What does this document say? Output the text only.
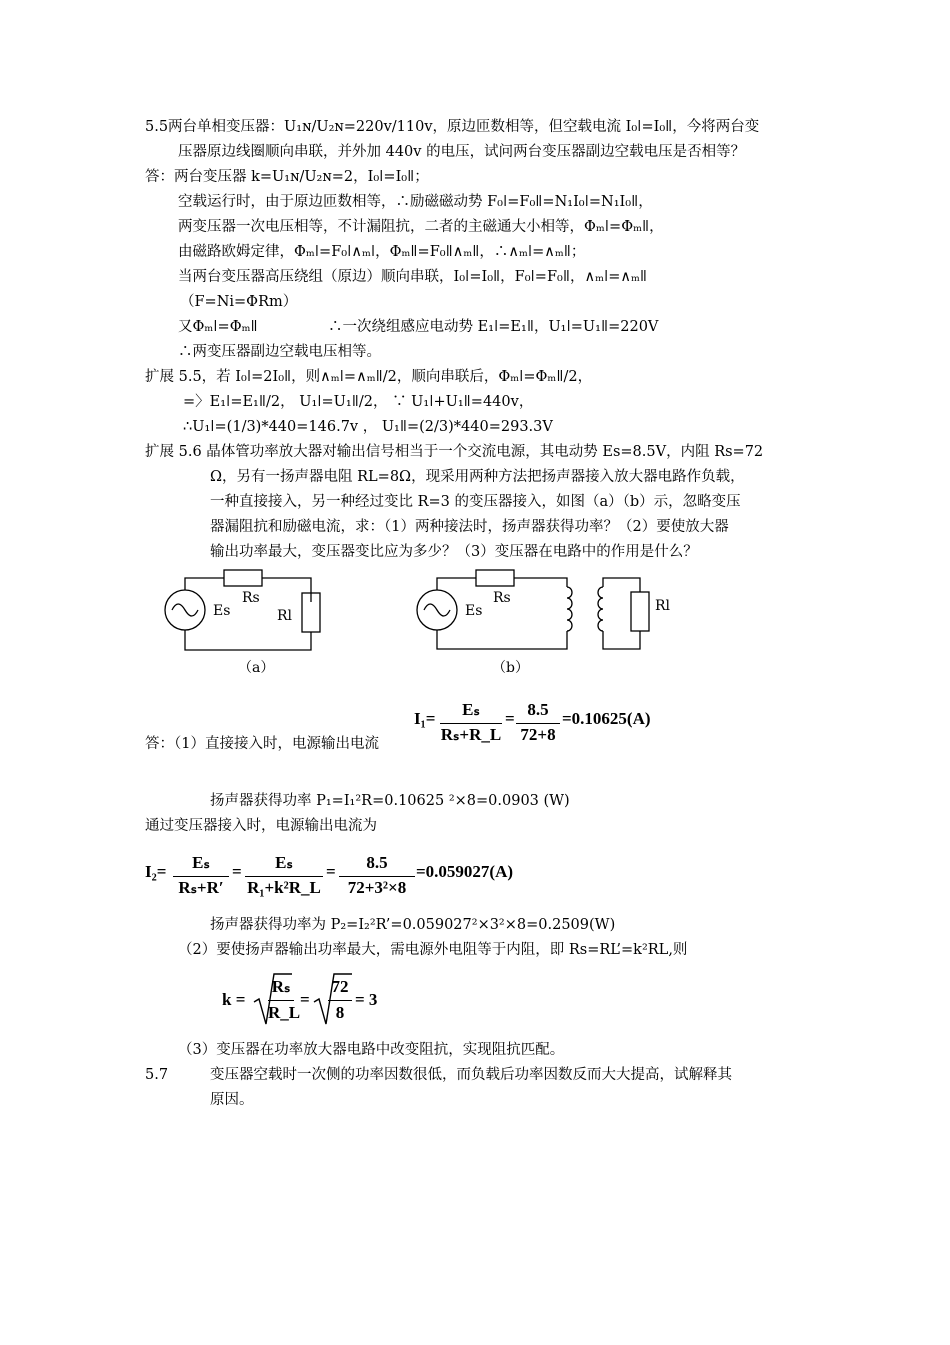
5.5两台单相变压器：U₁ɴ/U₂ɴ=220v/110v，原边匝数相等，但空载电流 I₀ǀ=I₀ǁ，今将两台变
压器原边线圈顺向串联，并外加 440v 的电压，试问两台变压器副边空载电压是否相等？
答：两台变压器 k=U₁ɴ/U₂ɴ=2，I₀ǀ=I₀ǁ；
空载运行时，由于原边匝数相等，∴励磁磁动势 F₀ǀ=F₀ǁ=N₁I₀ǀ=N₁I₀ǁ，
两变压器一次电压相等，不计漏阻抗，二者的主磁通大小相等，Φₘǀ=Φₘǁ，
由磁路欧姆定律，Φₘǀ=F₀ǀ∧ₘǀ，Φₘǁ=F₀ǁ∧ₘǁ，∴∧ₘǀ=∧ₘǁ；
当两台变压器高压绕组（原边）顺向串联，I₀ǀ=I₀ǁ，F₀ǀ=F₀ǁ，∧ₘǀ=∧ₘǁ
（F=Ni=ΦRm）
又Φₘǀ=Φₘǁ	∴一次绕组感应电动势 E₁ǀ=E₁ǁ，U₁ǀ=U₁ǁ=220V
∴两变压器副边空载电压相等。
扩展 5.5，若 I₀ǀ=2I₀ǁ，则∧ₘǀ=∧ₘǁ/2，顺向串联后，Φₘǀ=Φₘǁ/2，
=〉E₁ǀ=E₁ǁ/2， U₁ǀ=U₁ǁ/2， ∵ U₁ǀ+U₁ǁ=440v，
∴U₁ǀ=(1/3)*440=146.7v ， U₁ǁ=(2/3)*440=293.3V
扩展 5.6 晶体管功率放大器对输出信号相当于一个交流电源，其电动势 Es=8.5V，内阻 Rs=72
Ω，另有一扬声器电阻 RL=8Ω，现采用两种方法把扬声器接入放大器电路作负载，
一种直接接入，另一种经过变比 R=3 的变压器接入，如图（a）（b）示，忽略变压
器漏阻抗和励磁电流，求：（1）两种接法时，扬声器获得功率？（2）要使放大器
输出功率最大，变压器变比应为多少？（3）变压器在电路中的作用是什么？
Es
Rs
Rl
（a）
Es
Rs	Rl
（b）
I₁=	Eₛ
Rₛ+R_L
= 8.5
72+8
=0.10625(A)
答：（1）直接接入时，电源输出电流
扬声器获得功率 P₁=I₁²R=0.10625 ²×8=0.0903 (W)
通过变压器接入时，电源输出电流为
I₂=	Eₛ
Rₛ+R′
=	Eₛ
R₁+k²R_L
=	8.5
72+3²×8
=0.059027(A)
扬声器获得功率为 P₂=I₂²R’=0.059027²×3²×8=0.2509(W)
（2）要使扬声器输出功率最大，需电源外电阻等于内阻，即 Rs=RL’=k²RL,则
k =
Rₛ
R_L
=
72
8
= 3
（3）变压器在功率放大器电路中改变阻抗，实现阻抗匹配。
5.7	变压器空载时一次侧的功率因数很低，而负载后功率因数反而大大提高，试解释其
原因。
